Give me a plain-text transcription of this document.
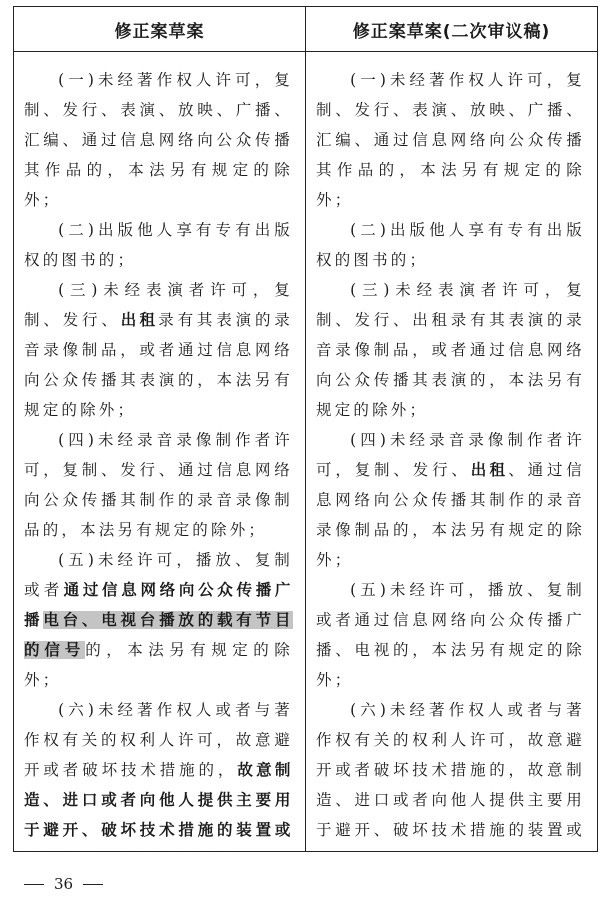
修正案草案	修正案草案(二次审议稿)

(一)未经著作权人许可，复制、发行、表演、放映、广播、汇编、通过信息网络向公众传播其作品的，本法另有规定的除外；

(二)出版他人享有专有出版权的图书的；

(三)未经表演者许可，复制、发行、出租录有其表演的录音录像制品，或者通过信息网络向公众传播其表演的，本法另有规定的除外；

(四)未经录音录像制作者许可，复制、发行、通过信息网络向公众传播其制作的录音录像制品的，本法另有规定的除外；

(五)未经许可，播放、复制或者通过信息网络向公众传播广播电台、电视台播放的载有节目的信号的，本法另有规定的除外；

(六)未经著作权人或者与著作权有关的权利人许可，故意避开或者破坏技术措施的，故意制造、进口或者向他人提供主要用于避开、破坏技术措施的装置或

(一)未经著作权人许可，复制、发行、表演、放映、广播、汇编、通过信息网络向公众传播其作品的，本法另有规定的除外；

(二)出版他人享有专有出版权的图书的；

(三)未经表演者许可，复制、发行、出租录有其表演的录音录像制品，或者通过信息网络向公众传播其表演的，本法另有规定的除外；

(四)未经录音录像制作者许可，复制、发行、出租、通过信息网络向公众传播其制作的录音录像制品的，本法另有规定的除外；

(五)未经许可，播放、复制或者通过信息网络向公众传播广播、电视的，本法另有规定的除外；

(六)未经著作权人或者与著作权有关的权利人许可，故意避开或者破坏技术措施的，故意制造、进口或者向他人提供主要用于避开、破坏技术措施的装置或

36
